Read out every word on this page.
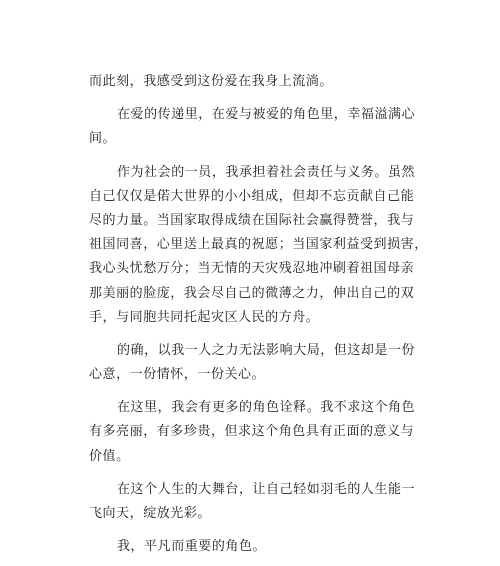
而此刻，我感受到这份爱在我身上流淌。
在爱的传递里，在爱与被爱的角色里，幸福溢满心
间。
作为社会的一员，我承担着社会责任与义务。虽然
自己仅仅是偌大世界的小小组成，但却不忘贡献自己能
尽的力量。当国家取得成绩在国际社会赢得赞誉，我与
祖国同喜，心里送上最真的祝愿；当国家利益受到损害，
我心头忧愁万分；当无情的天灾残忍地冲刷着祖国母亲
那美丽的脸庞，我会尽自己的微薄之力，伸出自己的双
手，与同胞共同托起灾区人民的方舟。
的确，以我一人之力无法影响大局，但这却是一份
心意，一份情怀，一份关心。
在这里，我会有更多的角色诠释。我不求这个角色
有多亮丽，有多珍贵，但求这个角色具有正面的意义与
价值。
在这个人生的大舞台，让自己轻如羽毛的人生能一
飞向天，绽放光彩。
我，平凡而重要的角色。
